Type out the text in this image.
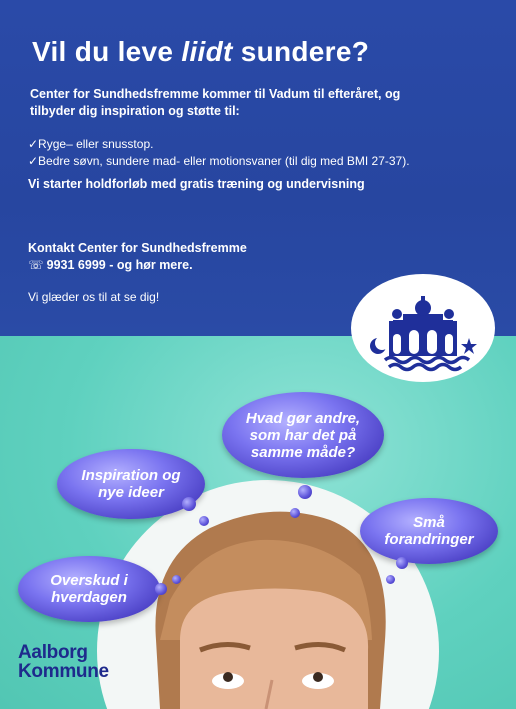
Vil du leve liidt sundere?
Center for Sundhedsfremme kommer til Vadum til efteråret, og tilbyder dig inspiration og støtte til:
✓Ryge– eller snusstop.
✓Bedre søvn, sundere mad- eller motionsvaner (til dig med BMI 27-37).
Vi starter holdforløb med gratis træning og undervisning
Kontakt Center for Sundhedsfremme
☏ 9931 6999 - og hør mere.
Vi glæder os til at se dig!
Inspiration og nye ideer
Hvad gør andre, som har det på samme måde?
Små forandringer
Overskud i hverdagen
Aalborg
Kommune
